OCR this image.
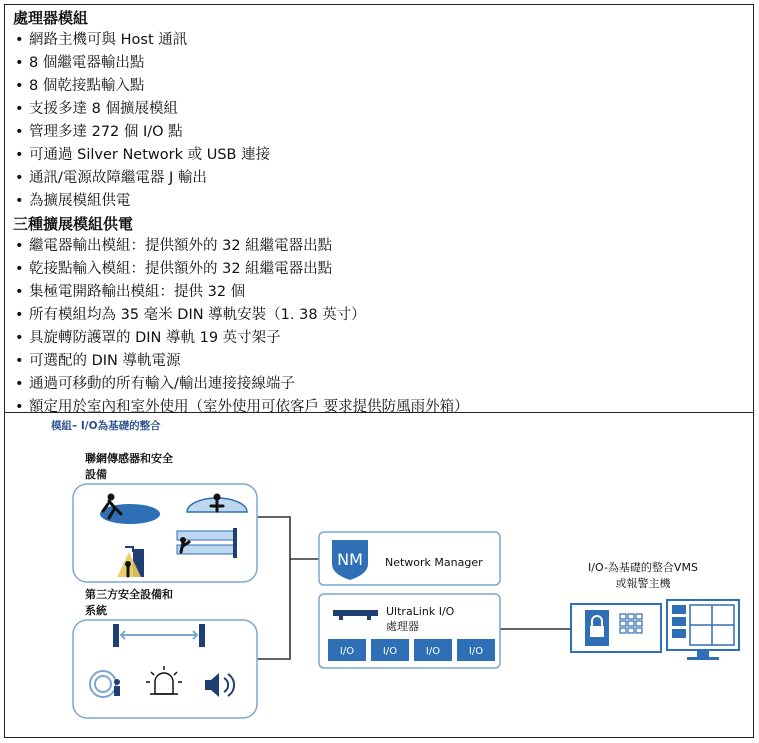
處理器模組
• 網路主機可與 Host 通訊
• 8 個繼電器輸出點
• 8 個乾接點輸入點
• 支援多達 8 個擴展模組
• 管理多達 272 個 I/O 點
• 可通過 Silver Network 或 USB 連接
• 通訊/電源故障繼電器 J 輸出
• 為擴展模組供電
三種擴展模組供電
• 繼電器輸出模組：提供額外的 32 組繼電器出點
• 乾接點輸入模組：提供額外的 32 組繼電器出點
• 集極電開路輸出模組：提供 32 個
• 所有模組均為 35 毫米 DIN 導軌安裝（1. 38 英寸）
• 具旋轉防護罩的 DIN 導軌 19 英寸架子
• 可選配的 DIN 導軌電源
• 通過可移動的所有輸入/輸出連接接線端子
• 額定用於室內和室外使用（室外使用可依客戶 要求提供防風雨外箱）
模組– I/O為基礎的整合
聯網傳感器和安全
設備
第三方安全設備和
系統
NM Network Manager
UltraLink I/O
處理器
I/O	I/O	I/O	I/O
I/O-為基礎的整合VMS
或報警主機
